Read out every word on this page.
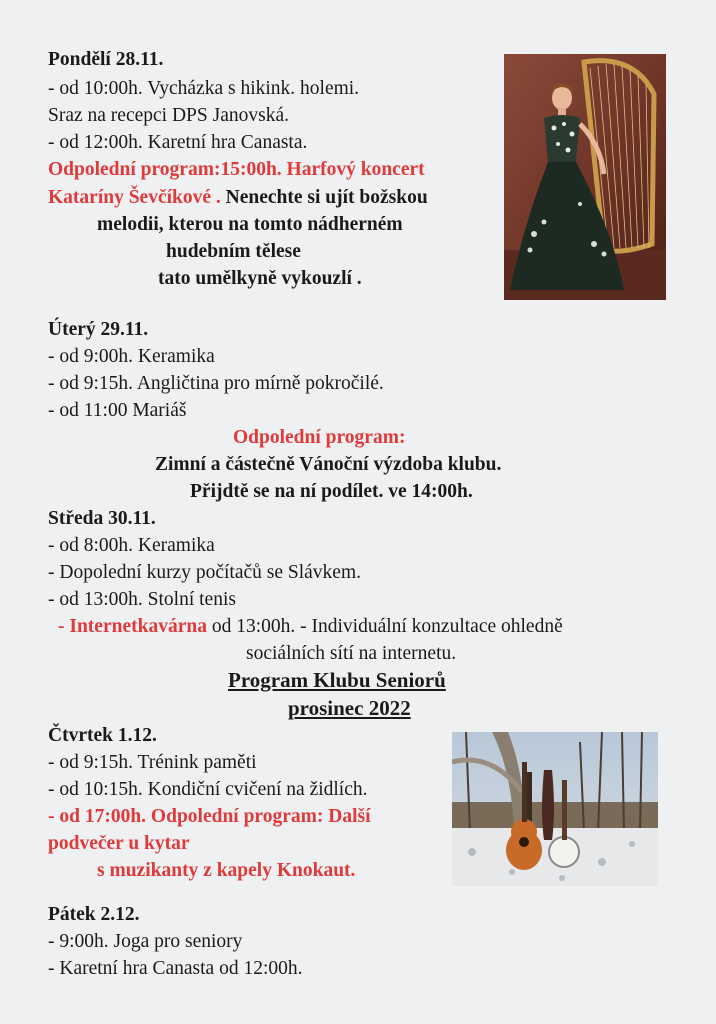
Pondělí 28.11.
- od 10:00h. Vycházka s hikink. holemi.
Sraz na recepci DPS Janovská.
- od 12:00h. Karetní hra Canasta.
Odpolední program:15:00h. Harfový koncert
Kataríny Ševčíkové . Nenechte si ujít božskou
melodii, kterou na tomto nádherném
hudebním tělese
tato umělkyně vykouzlí .
Úterý 29.11.
- od 9:00h. Keramika
- od 9:15h. Angličtina pro mírně pokročilé.
- od 11:00 Mariáš
Odpolední program:
Zimní a částečně Vánoční výzdoba klubu.
Přijdtě se na ní podílet. ve 14:00h.
Středa 30.11.
- od 8:00h. Keramika
- Dopolední kurzy počítačů se Slávkem.
- od 13:00h. Stolní tenis
- Internetkavárna od 13:00h. - Individuální konzultace ohledně
sociálních sítí na internetu.
Program Klubu Seniorů
prosinec 2022
Čtvrtek 1.12.
- od 9:15h. Trénink paměti
- od 10:15h. Kondiční cvičení na židlích.
- od 17:00h. Odpolední program: Další
podvečer u kytar
s muzikanty z kapely Knokaut.
Pátek 2.12.
- 9:00h. Joga pro seniory
- Karetní hra Canasta od 12:00h.
